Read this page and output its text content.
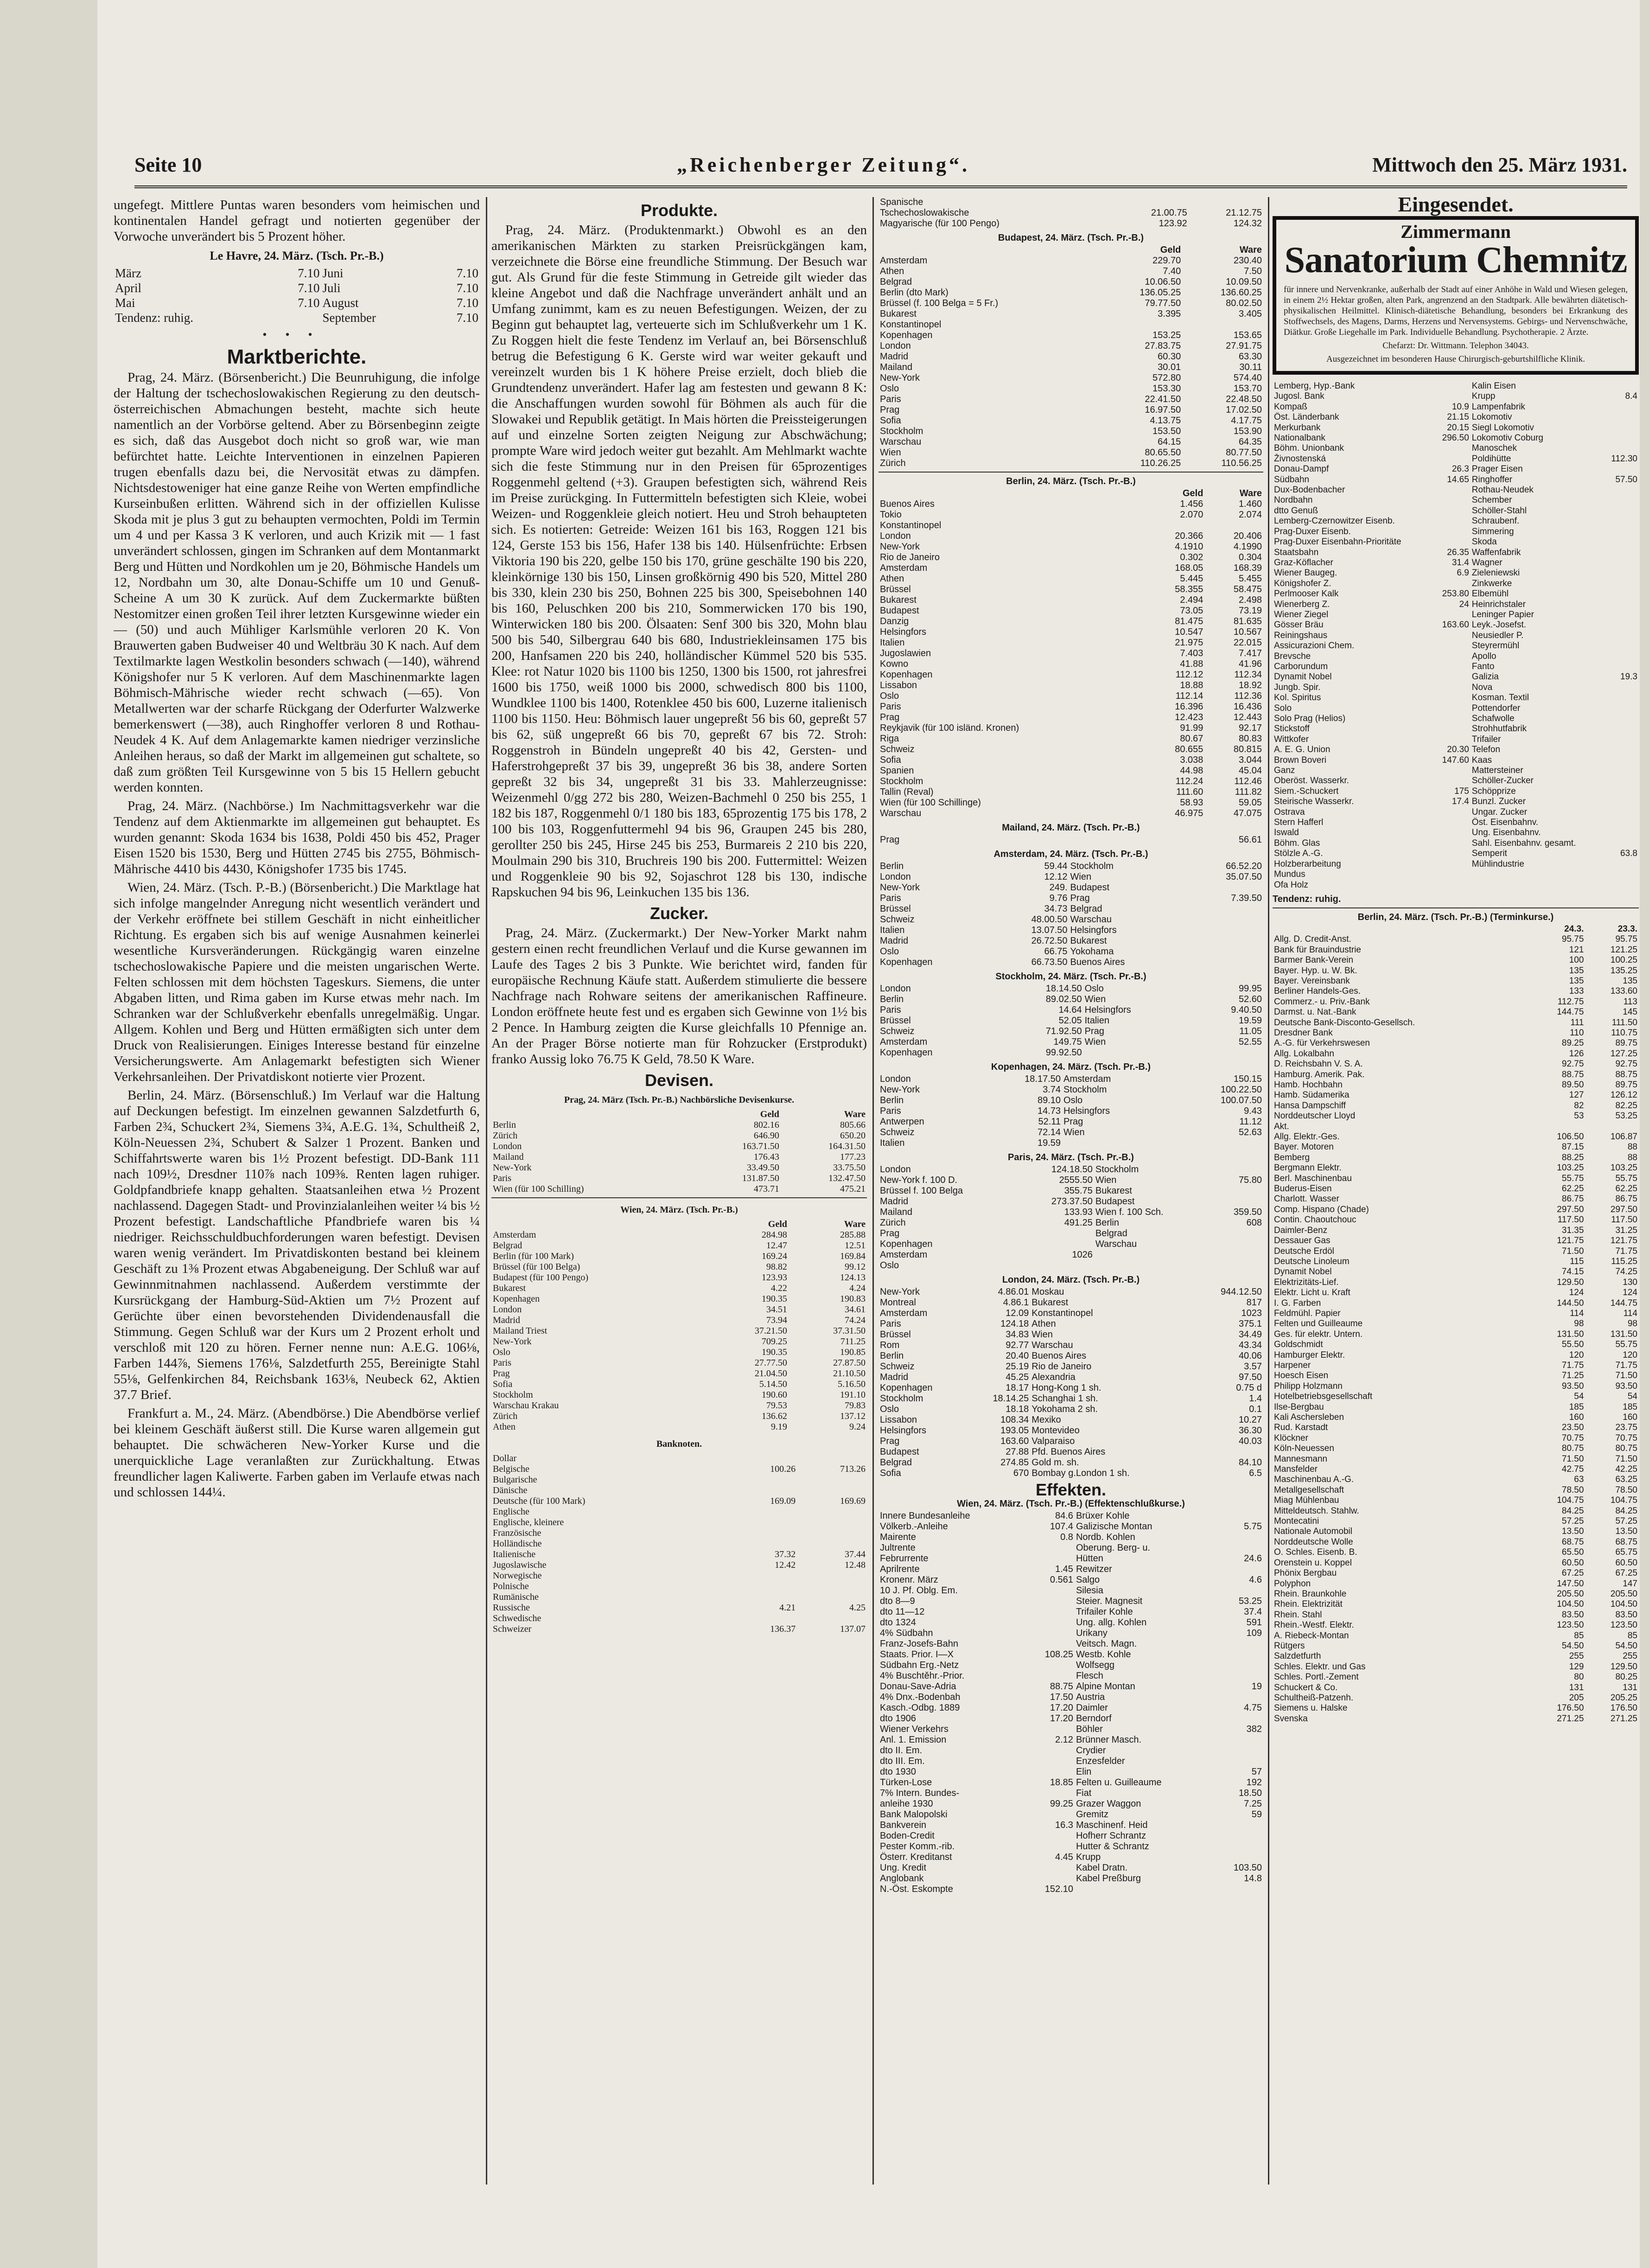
Seite 10	„Reichenberger Zeitung“.	Mittwoch den 25. März 1931.

ungefegt. Mittlere Puntas waren besonders vom heimischen und kontinentalen Handel gefragt und notierten gegenüber der Vorwoche unverändert bis 5 Prozent höher.

Le Havre, 24. März. (Tsch. Pr.-B.)
März	7.10	Juni	7.10
April	7.10	Juli	7.10
Mai	7.10	August	7.10
Tendenz: ruhig.		September	7.10
•••
Marktberichte.

Prag, 24. März. (Börsenbericht.) Die Beunruhigung, die infolge der Haltung der tschechoslowakischen Regierung zu den deutsch-österreichischen Abmachungen besteht, machte sich heute namentlich an der Vorbörse geltend. Aber zu Börsenbeginn zeigte es sich, daß das Ausgebot doch nicht so groß war, wie man befürchtet hatte. Leichte Interventionen in einzelnen Papieren trugen ebenfalls dazu bei, die Nervosität etwas zu dämpfen. Nichtsdestoweniger hat eine ganze Reihe von Werten empfindliche Kurseinbußen erlitten. Während sich in der offiziellen Kulisse Skoda mit je plus 3 gut zu behaupten vermochten, Poldi im Termin um 4 und per Kassa 3 K verloren, und auch Krizik mit — 1 fast unverändert schlossen, gingen im Schranken auf dem Montanmarkt Berg und Hütten und Nordkohlen um je 20, Böhmische Handels um 12, Nordbahn um 30, alte Donau-Schiffe um 10 und Genuß-Scheine A um 30 K zurück. Auf dem Zuckermarkte büßten Nestomitzer einen großen Teil ihrer letzten Kursgewinne wieder ein — (50) und auch Mühliger Karlsmühle verloren 20 K. Von Brauwerten gaben Budweiser 40 und Weltbräu 30 K nach. Auf dem Textilmarkte lagen Westkolin besonders schwach (—140), während Königshofer nur 5 K verloren. Auf dem Maschinenmarkte lagen Böhmisch-Mährische wieder recht schwach (—65). Von Metallwerten war der scharfe Rückgang der Oderfurter Walzwerke bemerkenswert (—38), auch Ringhoffer verloren 8 und Rothau-Neudek 4 K. Auf dem Anlagemarkte kamen niedriger verzinsliche Anleihen heraus, so daß der Markt im allgemeinen gut schaltete, so daß zum größten Teil Kursgewinne von 5 bis 15 Hellern gebucht werden konnten.

Prag, 24. März. (Nachbörse.) Im Nachmittagsverkehr war die Tendenz auf dem Aktienmarkte im allgemeinen gut behauptet. Es wurden genannt: Skoda 1634 bis 1638, Poldi 450 bis 452, Prager Eisen 1520 bis 1530, Berg und Hütten 2745 bis 2755, Böhmisch-Mährische 4410 bis 4430, Königshofer 1735 bis 1745.

Wien, 24. März. (Tsch. P.-B.) (Börsenbericht.) Die Marktlage hat sich infolge mangelnder Anregung nicht wesentlich verändert und der Verkehr eröffnete bei stillem Geschäft in nicht einheitlicher Richtung. Es ergaben sich bis auf wenige Ausnahmen keinerlei wesentliche Kursveränderungen. Rückgängig waren einzelne tschechoslowakische Papiere und die meisten ungarischen Werte. Felten schlossen mit dem höchsten Tageskurs. Siemens, die unter Abgaben litten, und Rima gaben im Kurse etwas mehr nach. Im Schranken war der Schlußverkehr ebenfalls unregelmäßig. Ungar. Allgem. Kohlen und Berg und Hütten ermäßigten sich unter dem Druck von Realisierungen. Einiges Interesse bestand für einzelne Versicherungswerte. Am Anlagemarkt befestigten sich Wiener Verkehrsanleihen. Der Privatdiskont notierte vier Prozent.

Berlin, 24. März. (Börsenschluß.) Im Verlauf war die Haltung auf Deckungen befestigt. Im einzelnen gewannen Salzdetfurth 6, Farben 2¾, Schuckert 2¾, Siemens 3¾, A.E.G. 1¾, Schultheiß 2, Köln-Neuessen 2¾, Schubert & Salzer 1 Prozent. Banken und Schiffahrtswerte waren bis 1½ Prozent befestigt. DD-Bank 111 nach 109½, Dresdner 110⅞ nach 109⅜. Renten lagen ruhiger. Goldpfandbriefe knapp gehalten. Staatsanleihen etwa ½ Prozent nachlassend. Dagegen Stadt- und Provinzialanleihen weiter ¼ bis ½ Prozent befestigt. Landschaftliche Pfandbriefe waren bis ¼ niedriger. Reichsschuldbuchforderungen waren befestigt. Devisen waren wenig verändert. Im Privatdiskonten bestand bei kleinem Geschäft zu 1⅜ Prozent etwas Abgabeneigung. Der Schluß war auf Gewinnmitnahmen nachlassend. Außerdem verstimmte der Kursrückgang der Hamburg-Süd-Aktien um 7½ Prozent auf Gerüchte über einen bevorstehenden Dividendenausfall die Stimmung. Gegen Schluß war der Kurs um 2 Prozent erholt und verschloß mit 120 zu hören. Ferner nenne nun: A.E.G. 106⅛, Farben 144⅞, Siemens 176⅛, Salzdetfurth 255, Bereinigte Stahl 55⅛, Gelfenkirchen 84, Reichsbank 163⅛, Neubeck 62, Aktien 37.7 Brief.

Frankfurt a. M., 24. März. (Abendbörse.) Die Abendbörse verlief bei kleinem Geschäft äußerst still. Die Kurse waren allgemein gut behauptet. Die schwächeren New-Yorker Kurse und die unerquickliche Lage veranlaßten zur Zurückhaltung. Etwas freundlicher lagen Kaliwerte. Farben gaben im Verlaufe etwas nach und schlossen 144¼.

Produkte.

Prag, 24. März. (Produktenmarkt.) Obwohl es an den amerikanischen Märkten zu starken Preisrückgängen kam, verzeichnete die Börse eine freundliche Stimmung. Der Besuch war gut. Als Grund für die feste Stimmung in Getreide gilt wieder das kleine Angebot und daß die Nachfrage unverändert anhält und an Umfang zunimmt, kam es zu neuen Befestigungen. Weizen, der zu Beginn gut behauptet lag, verteuerte sich im Schlußverkehr um 1 K. Zu Roggen hielt die feste Tendenz im Verlauf an, bei Börsenschluß betrug die Befestigung 6 K. Gerste wird war weiter gekauft und vereinzelt wurden bis 1 K höhere Preise erzielt, doch blieb die Grundtendenz unverändert. Hafer lag am festesten und gewann 8 K: die Anschaffungen wurden sowohl für Böhmen als auch für die Slowakei und Republik getätigt. In Mais hörten die Preissteigerungen auf und einzelne Sorten zeigten Neigung zur Abschwächung; prompte Ware wird jedoch weiter gut bezahlt. Am Mehlmarkt wachte sich die feste Stimmung nur in den Preisen für 65prozentiges Roggenmehl geltend (+3). Graupen befestigten sich, während Reis im Preise zurückging. In Futtermitteln befestigten sich Kleie, wobei Weizen- und Roggenkleie gleich notiert. Heu und Stroh behaupteten sich. Es notierten: Getreide: Weizen 161 bis 163, Roggen 121 bis 124, Gerste 153 bis 156, Hafer 138 bis 140. Hülsenfrüchte: Erbsen Viktoria 190 bis 220, gelbe 150 bis 170, grüne geschälte 190 bis 220, kleinkörnige 130 bis 150, Linsen großkörnig 490 bis 520, Mittel 280 bis 330, klein 230 bis 250, Bohnen 225 bis 300, Speisebohnen 140 bis 160, Peluschken 200 bis 210, Sommerwicken 170 bis 190, Winterwicken 180 bis 200. Ölsaaten: Senf 300 bis 320, Mohn blau 500 bis 540, Silbergrau 640 bis 680, Industriekleinsamen 175 bis 200, Hanfsamen 220 bis 240, holländischer Kümmel 520 bis 535. Klee: rot Natur 1020 bis 1100 bis 1250, 1300 bis 1500, rot jahresfrei 1600 bis 1750, weiß 1000 bis 2000, schwedisch 800 bis 1100, Wundklee 1100 bis 1400, Rotenklee 450 bis 600, Luzerne italienisch 1100 bis 1150. Heu: Böhmisch lauer ungepreßt 56 bis 60, gepreßt 57 bis 62, süß ungepreßt 66 bis 70, gepreßt 67 bis 72. Stroh: Roggenstroh in Bündeln ungepreßt 40 bis 42, Gersten- und Haferstrohgepreßt 37 bis 39, ungepreßt 36 bis 38, andere Sorten gepreßt 32 bis 34, ungepreßt 31 bis 33. Mahlerzeugnisse: Weizenmehl 0/gg 272 bis 280, Weizen-Bachmehl 0 250 bis 255, 1 182 bis 187, Roggenmehl 0/1 180 bis 183, 65prozentig 175 bis 178, 2 100 bis 103, Roggenfuttermehl 94 bis 96, Graupen 245 bis 280, gerollter 250 bis 245, Hirse 245 bis 253, Burmareis 2 210 bis 220, Moulmain 290 bis 310, Bruchreis 190 bis 200. Futtermittel: Weizen und Roggenkleie 90 bis 92, Sojaschrot 128 bis 130, indische Rapskuchen 94 bis 96, Leinkuchen 135 bis 136.

Zucker.

Prag, 24. März. (Zuckermarkt.) Der New-Yorker Markt nahm gestern einen recht freundlichen Verlauf und die Kurse gewannen im Laufe des Tages 2 bis 3 Punkte. Wie berichtet wird, fanden für europäische Rechnung Käufe statt. Außerdem stimulierte die bessere Nachfrage nach Rohware seitens der amerikanischen Raffineure. London eröffnete heute fest und es ergaben sich Gewinne von 1½ bis 2 Pence. In Hamburg zeigten die Kurse gleichfalls 10 Pfennige an. An der Prager Börse notierte man für Rohzucker (Erstprodukt) franko Aussig loko 76.75 K Geld, 78.50 K Ware.

Devisen.
Prag, 24. März (Tsch. Pr.-B.) Nachbörsliche Devisenkurse.
	Geld	Ware
Berlin	802.16	805.66
Zürich	646.90	650.20
London	163.71.50	164.31.50
Mailand	176.43	177.23
New-York	33.49.50	33.75.50
Paris	131.87.50	132.47.50
Wien (für 100 Schilling)	473.71	475.21
Wien, 24. März. (Tsch. Pr.-B.)
	Geld	Ware
Amsterdam	284.98	285.88
Belgrad	12.47	12.51
Berlin (für 100 Mark)	169.24	169.84
Brüssel (für 100 Belga)	98.82	99.12
Budapest (für 100 Pengo)	123.93	124.13
Bukarest	4.22	4.24
Kopenhagen	190.35	190.83
London	34.51	34.61
Madrid	73.94	74.24
Mailand Triest	37.21.50	37.31.50
New-York	709.25	711.25
Oslo	190.35	190.85
Paris	27.77.50	27.87.50
Prag	21.04.50	21.10.50
Sofia	5.14.50	5.16.50
Stockholm	190.60	191.10
Warschau Krakau	79.53	79.83
Zürich	136.62	137.12
Athen	9.19	9.24
Banknoten.
Dollar		
Belgische	100.26	713.26
Bulgarische		
Dänische		
Deutsche (für 100 Mark)	169.09	169.69
Englische		
Englische, kleinere		
Französische		
Holländische		
Italienische	37.32	37.44
Jugoslawische	12.42	12.48
Norwegische		
Polnische		
Rumänische		
Russische	4.21	4.25
Schwedische		
Schweizer	136.37	137.07
Spanische		
Tschechoslowakische	21.00.75	21.12.75
Magyarische (für 100 Pengo)	123.92	124.32
Budapest, 24. März. (Tsch. Pr.-B.)
	Geld	Ware
Amsterdam	229.70	230.40
Athen	7.40	7.50
Belgrad	10.06.50	10.09.50
Berlin (dto Mark)	136.05.25	136.60.25
Brüssel (f. 100 Belga = 5 Fr.)	79.77.50	80.02.50
Bukarest	3.395	3.405
Konstantinopel		
Kopenhagen	153.25	153.65
London	27.83.75	27.91.75
Madrid	60.30	63.30
Mailand	30.01	30.11
New-York	572.80	574.40
Oslo	153.30	153.70
Paris	22.41.50	22.48.50
Prag	16.97.50	17.02.50
Sofia	4.13.75	4.17.75
Stockholm	153.50	153.90
Warschau	64.15	64.35
Wien	80.65.50	80.77.50
Zürich	110.26.25	110.56.25
Berlin, 24. März. (Tsch. Pr.-B.)
	Geld	Ware
Buenos Aires	1.456	1.460
Tokio	2.070	2.074
Konstantinopel		
London	20.366	20.406
New-York	4.1910	4.1990
Rio de Janeiro	0.302	0.304
Amsterdam	168.05	168.39
Athen	5.445	5.455
Brüssel	58.355	58.475
Bukarest	2.494	2.498
Budapest	73.05	73.19
Danzig	81.475	81.635
Helsingfors	10.547	10.567
Italien	21.975	22.015
Jugoslawien	7.403	7.417
Kowno	41.88	41.96
Kopenhagen	112.12	112.34
Lissabon	18.88	18.92
Oslo	112.14	112.36
Paris	16.396	16.436
Prag	12.423	12.443
Reykjavik (für 100 isländ. Kronen)	91.99	92.17
Riga	80.67	80.83
Schweiz	80.655	80.815
Sofia	3.038	3.044
Spanien	44.98	45.04
Stockholm	112.24	112.46
Tallin (Reval)	111.60	111.82
Wien (für 100 Schillinge)	58.93	59.05
Warschau	46.975	47.075
Mailand, 24. März. (Tsch. Pr.-B.)
Prag	56.61
Amsterdam, 24. März. (Tsch. Pr.-B.)
Berlin	59.44	Stockholm	66.52.20
London	12.12	Wien	35.07.50
New-York	249.	Budapest	
Paris	9.76	Prag	7.39.50
Brüssel	34.73	Belgrad	
Schweiz	48.00.50	Warschau	
Italien	13.07.50	Helsingfors	
Madrid	26.72.50	Bukarest	
Oslo	66.75	Yokohama	
Kopenhagen	66.73.50	Buenos Aires	
Stockholm, 24. März. (Tsch. Pr.-B.)
London	18.14.50	Oslo	99.95
Berlin	89.02.50	Wien	52.60
Paris	14.64	Helsingfors	9.40.50
Brüssel	52.05	Italien	19.59
Schweiz	71.92.50	Prag	11.05
Amsterdam	149.75	Wien	52.55
Kopenhagen	99.92.50		
Kopenhagen, 24. März. (Tsch. Pr.-B.)
London	18.17.50	Amsterdam	150.15
New-York	3.74	Stockholm	100.22.50
Berlin	89.10	Oslo	100.07.50
Paris	14.73	Helsingfors	9.43
Antwerpen	52.11	Prag	11.12
Schweiz	72.14	Wien	52.63
Italien	19.59		
Paris, 24. März. (Tsch. Pr.-B.)
London	124.18.50	Stockholm	
New-York f. 100 D.	2555.50	Wien	75.80
Brüssel f. 100 Belga	355.75	Bukarest	
Madrid	273.37.50	Budapest	
Mailand	133.93	Wien f. 100 Sch.	359.50
Zürich	491.25	Berlin	608
Prag		Belgrad	
Kopenhagen		Warschau	
Amsterdam	1026		
Oslo			
London, 24. März. (Tsch. Pr.-B.)
New-York	4.86.01	Moskau	944.12.50
Montreal	4.86.1	Bukarest	817
Amsterdam	12.09	Konstantinopel	1023
Paris	124.18	Athen	375.1
Brüssel	34.83	Wien	34.49
Rom	92.77	Warschau	43.34
Berlin	20.40	Buenos Aires	40.06
Schweiz	25.19	Rio de Janeiro	3.57
Madrid	45.25	Alexandria	97.50
Kopenhagen	18.17	Hong-Kong 1 sh.	0.75 d
Stockholm	18.14.25	Schanghai 1 sh.	1.4
Oslo	18.18	Yokohama 2 sh.	0.1
Lissabon	108.34	Mexiko	10.27
Helsingfors	193.05	Montevideo	36.30
Prag	163.60	Valparaiso	40.03
Budapest	27.88	Pfd. Buenos Aires	
Belgrad	274.85	Gold m. sh.	84.10
Sofia	670	Bombay g.London 1 sh.	6.5
Effekten.
Wien, 24. März. (Tsch. Pr.-B.) (Effektenschlußkurse.)
Innere Bundesanleihe	84.6	Brüxer Kohle	
Völkerb.-Anleihe	107.4	Galizische Montan	5.75
Mairente	0.8	Nordb. Kohlen	
Jultrente		Oberung. Berg- u.	
Februrrente		Hütten	24.6
Aprilrente	1.45	Rewitzer	
Kronenr. März	0.561	Salgo	4.6
10 J. Pf. Oblg. Em.		Silesia	
dto 8—9		Steier. Magnesit	53.25
dto 11—12		Trifailer Kohle	37.4
dto 1324		Ung. allg. Kohlen	591
4% Südbahn		Urikany	109
Franz-Josefs-Bahn		Veitsch. Magn.	
Staats. Prior. I—X	108.25	Westb. Kohle	
Südbahn Erg.-Netz		Wolfsegg	
4% Buschtěhr.-Prior.		Flesch	
Donau-Save-Adria	88.75	Alpine Montan	19
4% Dnx.-Bodenbah	17.50	Austria	
Kasch.-Odbg. 1889	17.20	Daimler	4.75
dto 1906	17.20	Berndorf	
Wiener Verkehrs		Böhler	382
Anl. 1. Emission	2.12	Brünner Masch.	
dto II. Em.		Crydier	
dto III. Em.		Enzesfelder	
dto 1930		Elin	57
Türken-Lose	18.85	Felten u. Guilleaume	192
7% Intern. Bundes-		Fiat	18.50
anleihe 1930	99.25	Grazer Waggon	7.25
Bank Malopolski		Gremitz	59
Bankverein	16.3	Maschinenf. Heid	
Boden-Credit		Hofherr Schrantz	
Pester Komm.-rib.		Hutter & Schrantz	
Österr. Kreditanst	4.45	Krupp	
Ung. Kredit		Kabel Dratn.	103.50
Anglobank		Kabel Preßburg	14.8
N.-Öst. Eskompte	152.10		
Eingesendet.
Zimmermann
Sanatorium Chemnitz
für innere und Nervenkranke, außerhalb der Stadt auf einer Anhöhe in Wald und Wiesen gelegen, in einem 2½ Hektar großen, alten Park, angrenzend an den Stadtpark. Alle bewährten diätetisch-physikalischen Heilmittel. Klinisch-diätetische Behandlung, besonders bei Erkrankung des Stoffwechsels, des Magens, Darms, Herzens und Nervensystems. Gebirgs- und Nervenschwäche, Diätkur. Große Liegehalle im Park. Individuelle Behandlung. Psychotherapie. 2 Ärzte.
Chefarzt: Dr. Wittmann. Telephon 34043.
Ausgezeichnet im besonderen Hause Chirurgisch-geburtshilfliche Klinik.
Lemberg, Hyp.-Bank		Kalin Eisen	
Jugosl. Bank		Krupp	8.4
Kompaß	10.9	Lampenfabrik	
Öst. Länderbank	21.15	Lokomotiv	
Merkurbank	20.15	Siegl Lokomotiv	
Nationalbank	296.50	Lokomotiv Coburg	
Böhm. Unionbank		Manoschek	
Živnostenská		Poldihütte	112.30
Donau-Dampf	26.3	Prager Eisen	
Südbahn	14.65	Ringhoffer	57.50
Dux-Bodenbacher		Rothau-Neudek	
Nordbahn		Schember	
dtto Genuß		Schöller-Stahl	
Lemberg-Czernowitzer Eisenb.		Schraubenf.	
Prag-Duxer Eisenb.		Simmering	
Prag-Duxer Eisenbahn-Prioritäte		Skoda	
Staatsbahn	26.35	Waffenfabrik	
Graz-Köflacher	31.4	Wagner	
Wiener Baugeg.	6.9	Zieleniewski	
Königshofer Z.		Zinkwerke	
Perlmooser Kalk	253.80	Elbemühl	
Wienerberg Z.	24	Heinrichstaler	
Wiener Ziegel		Leninger Papier	
Gösser Bräu	163.60	Leyk.-Josefst.	
Reiningshaus		Neusiedler P.	
Assicurazioni Chem.		Steyrermühl	
Brevsche		Apollo	
Carborundum		Fanto	
Dynamit Nobel		Galizia	19.3
Jungb. Spir.		Nova	
Kol. Spiritus		Kosman. Textil	
Solo		Pottendorfer	
Solo Prag (Helios)		Schafwolle	
Stickstoff		Strohhutfabrik	
Wittkofer		Trifailer	
A. E. G. Union	20.30	Telefon	
Brown Boveri	147.60	Kaas	
Ganz		Mattersteiner	
Oberöst. Wasserkr.		Schöller-Zucker	
Siem.-Schuckert	175	Schöpprize	
Steirische Wasserkr.	17.4	Bunzl. Zucker	
Ostrava		Ungar. Zucker	
Stern Hafferl		Öst. Eisenbahnv.	
Iswald		Ung. Eisenbahnv.	
Böhm. Glas		Sahl. Eisenbahnv. gesamt.	
Stölzle A.-G.		Semperit	63.8
Holzberarbeitung		Mühlindustrie	
Mundus			
Ofa Holz			
Tendenz: ruhig.
Berlin, 24. März. (Tsch. Pr.-B.) (Terminkurse.)
	24.3.	23.3.
Allg. D. Credit-Anst.	95.75	95.75
Bank für Brauindustrie	121	121.25
Barmer Bank-Verein	100	100.25
Bayer. Hyp. u. W. Bk.	135	135.25
Bayer. Vereinsbank	135	135
Berliner Handels-Ges.	133	133.60
Commerz.- u. Priv.-Bank	112.75	113
Darmst. u. Nat.-Bank	144.75	145
Deutsche Bank-Disconto-Gesellsch.	111	111.50
Dresdner Bank	110	110.75
A.-G. für Verkehrswesen	89.25	89.75
Allg. Lokalbahn	126	127.25
D. Reichsbahn V. S. A.	92.75	92.75
Hamburg. Amerik. Pak.	88.75	88.75
Hamb. Hochbahn	89.50	89.75
Hamb. Südamerika	127	126.12
Hansa Dampschiff	82	82.25
Norddeutscher Lloyd	53	53.25
Akt.		
Allg. Elektr.-Ges.	106.50	106.87
Bayer. Motoren	87.15	88
Bemberg	88.25	88
Bergmann Elektr.	103.25	103.25
Berl. Maschinenbau	55.75	55.75
Buderus-Eisen	62.25	62.25
Charlott. Wasser	86.75	86.75
Comp. Hispano (Chade)	297.50	297.50
Contin. Chaoutchouc	117.50	117.50
Daimler-Benz	31.35	31.25
Dessauer Gas	121.75	121.75
Deutsche Erdöl	71.50	71.75
Deutsche Linoleum	115	115.25
Dynamit Nobel	74.15	74.25
Elektrizitäts-Lief.	129.50	130
Elektr. Licht u. Kraft	124	124
I. G. Farben	144.50	144.75
Feldmühl. Papier	114	114
Felten und Guilleaume	98	98
Ges. für elektr. Untern.	131.50	131.50
Goldschmidt	55.50	55.75
Hamburger Elektr.	120	120
Harpener	71.75	71.75
Hoesch Eisen	71.25	71.50
Philipp Holzmann	93.50	93.50
Hotelbetriebsgesellschaft	54	54
Ilse-Bergbau	185	185
Kali Aschersleben	160	160
Rud. Karstadt	23.50	23.75
Klöckner	70.75	70.75
Köln-Neuessen	80.75	80.75
Mannesmann	71.50	71.50
Mansfelder	42.75	42.25
Maschinenbau A.-G.	63	63.25
Metallgesellschaft	78.50	78.50
Miag Mühlenbau	104.75	104.75
Mitteldeutsch. Stahlw.	84.25	84.25
Montecatini	57.25	57.25
Nationale Automobil	13.50	13.50
Norddeutsche Wolle	68.75	68.75
O. Schles. Eisenb. B.	65.50	65.75
Orenstein u. Koppel	60.50	60.50
Phönix Bergbau	67.25	67.25
Polyphon	147.50	147
Rhein. Braunkohle	205.50	205.50
Rhein. Elektrizität	104.50	104.50
Rhein. Stahl	83.50	83.50
Rhein.-Westf. Elektr.	123.50	123.50
A. Riebeck-Montan	85	85
Rütgers	54.50	54.50
Salzdetfurth	255	255
Schles. Elektr. und Gas	129	129.50
Schles. Portl.-Zement	80	80.25
Schuckert & Co.	131	131
Schultheiß-Patzenh.	205	205.25
Siemens u. Halske	176.50	176.50
Svenska	271.25	271.25
